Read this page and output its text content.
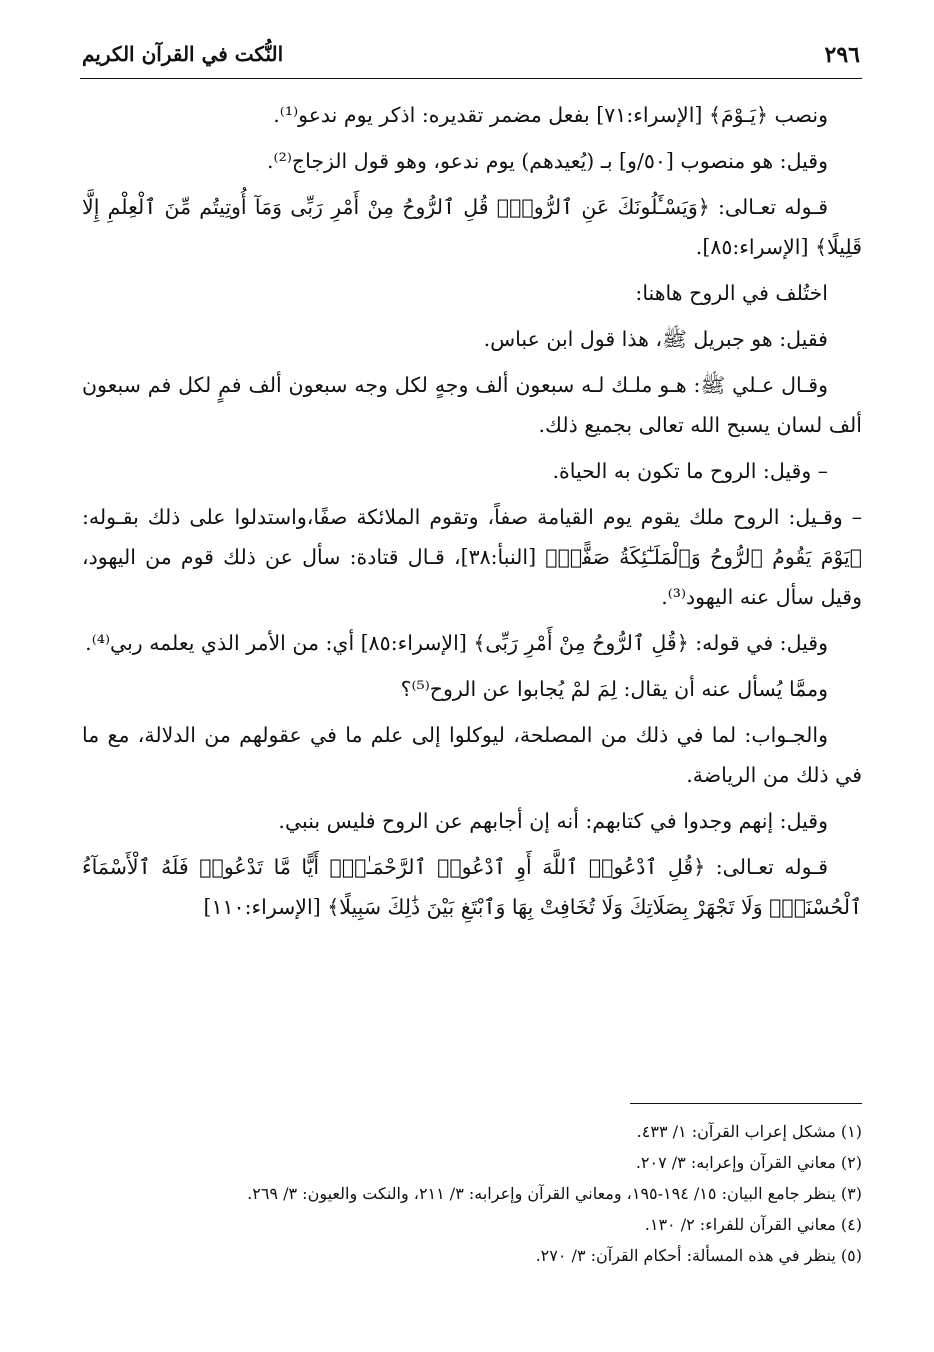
٢٩٦
النُّكت في القرآن الكريم

ونصب ﴿يَـوْمَ﴾ [الإسراء:٧١] بفعل مضمر تقديره: اذكر يوم ندعو⁽¹⁾.

وقيل: هو منصوب [٥٠/و] بـ (يُعيدهم) يوم ندعو، وهو قول الزجاج⁽²⁾.

قـوله تعـالى: ﴿وَيَسْـَٔلُونَكَ عَنِ ٱلرُّوحِۖ قُلِ ٱلرُّوحُ مِنْ أَمْرِ رَبِّى وَمَآ أُوتِيتُم مِّنَ ٱلْعِلْمِ إِلَّا قَلِيلًا﴾ [الإسراء:٨٥].

اختُلف في الروح هاهنا:

فقيل: هو جبريل ﷺ، هذا قول ابن عباس.

وقـال عـلي ﷺ: هـو ملـك لـه سبعون ألف وجهٍ لكل وجه سبعون ألف فمٍ لكل فم سبعون ألف لسان يسبح الله تعالى بجميع ذلك.

– وقيل: الروح ما تكون به الحياة.

– وقـيل: الروح ملك يقوم يوم القيامة صفاً، وتقوم الملائكة صفًا،واستدلوا على ذلك بقـوله: ﴿يَوْمَ يَقُومُ ٱلرُّوحُ وَٱلْمَلَـٰٓئِكَةُ صَفًّاۖ﴾ [النبأ:٣٨]، قـال قتادة: سأل عن ذلك قوم من اليهود، وقيل سأل عنه اليهود⁽³⁾.

وقيل: في قوله: ﴿قُلِ ٱلرُّوحُ مِنْ أَمْرِ رَبِّى﴾ [الإسراء:٨٥] أي: من الأمر الذي يعلمه ربي⁽⁴⁾.

وممَّا يُسأل عنه أن يقال: لِمَ لمْ يُجابوا عن الروح⁽⁵⁾؟

والجـواب: لما في ذلك من المصلحة، ليوكلوا إلى علم ما في عقولهم من الدلالة، مع ما في ذلك من الرياضة.

وقيل: إنهم وجدوا في كتابهم: أنه إن أجابهم عن الروح فليس بنبي.

قـوله تعـالى: ﴿قُلِ ٱدْعُوا۟ ٱللَّهَ أَوِ ٱدْعُوا۟ ٱلرَّحْمَـٰنَۖ أَيًّا مَّا تَدْعُوا۟ فَلَهُ ٱلْأَسْمَآءُ ٱلْحُسْنَىٰۚ وَلَا تَجْهَرْ بِصَلَاتِكَ وَلَا تُخَافِتْ بِهَا وَٱبْتَغِ بَيْنَ ذَٰلِكَ سَبِيلًا﴾ [الإسراء:١١٠]

(١) مشكل إعراب القرآن: ١/ ٤٣٣.

(٢) معاني القرآن وإعرابه: ٣/ ٢٠٧.

(٣) ينظر جامع البيان: ١٥/ ١٩٤-١٩٥، ومعاني القرآن وإعرابه: ٣/ ٢١١، والنكت والعيون: ٣/ ٢٦٩.

(٤) معاني القرآن للفراء: ٢/ ١٣٠.

(٥) ينظر في هذه المسألة: أحكام القرآن: ٣/ ٢٧٠.
